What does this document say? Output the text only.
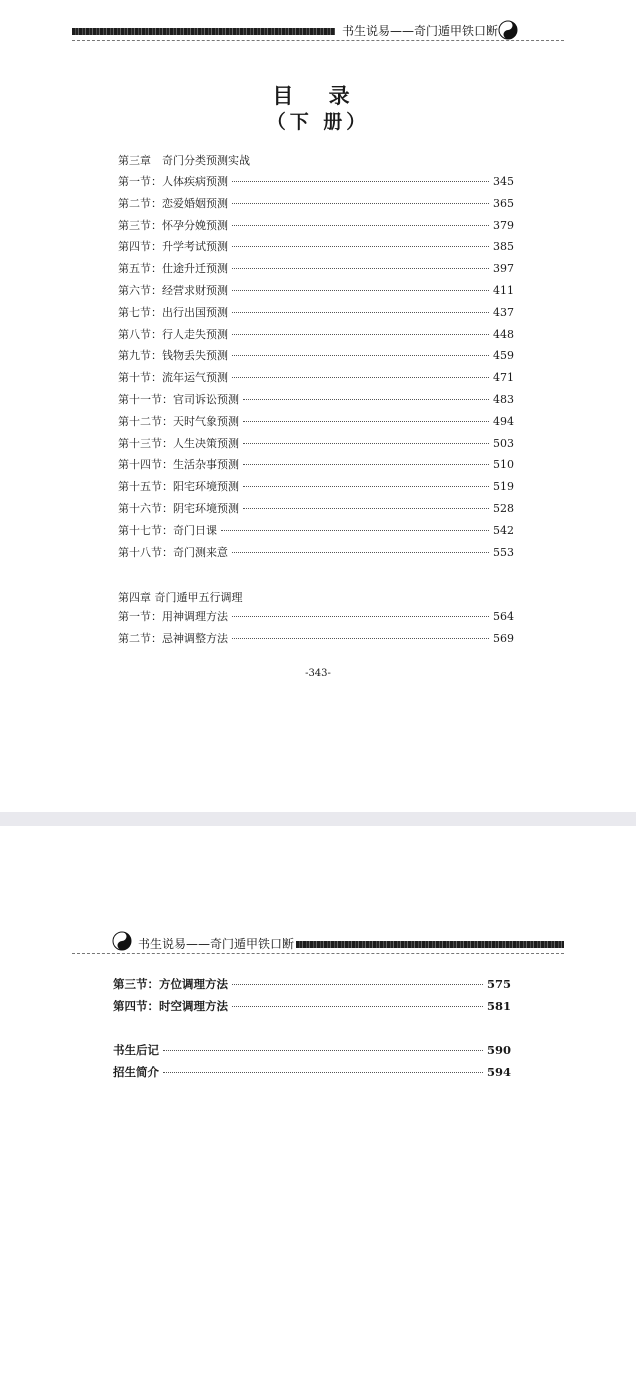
书生说易——奇门遁甲铁口断
目 录
（下 册）
第三章　奇门分类预测实战
第一节：人体疾病预测	345
第二节：恋爱婚姻预测	365
第三节：怀孕分娩预测	379
第四节：升学考试预测	385
第五节：仕途升迁预测	397
第六节：经营求财预测	411
第七节：出行出国预测	437
第八节：行人走失预测	448
第九节：钱物丢失预测	459
第十节：流年运气预测	471
第十一节：官司诉讼预测	483
第十二节：天时气象预测	494
第十三节：人生决策预测	503
第十四节：生活杂事预测	510
第十五节：阳宅环境预测	519
第十六节：阴宅环境预测	528
第十七节：奇门日课	542
第十八节：奇门测来意	553
第四章 奇门遁甲五行调理
第一节：用神调理方法	564
第二节：忌神调整方法	569
-343-
书生说易——奇门遁甲铁口断
第三节：方位调理方法	575
第四节：时空调理方法	581
书生后记	590
招生简介	594
